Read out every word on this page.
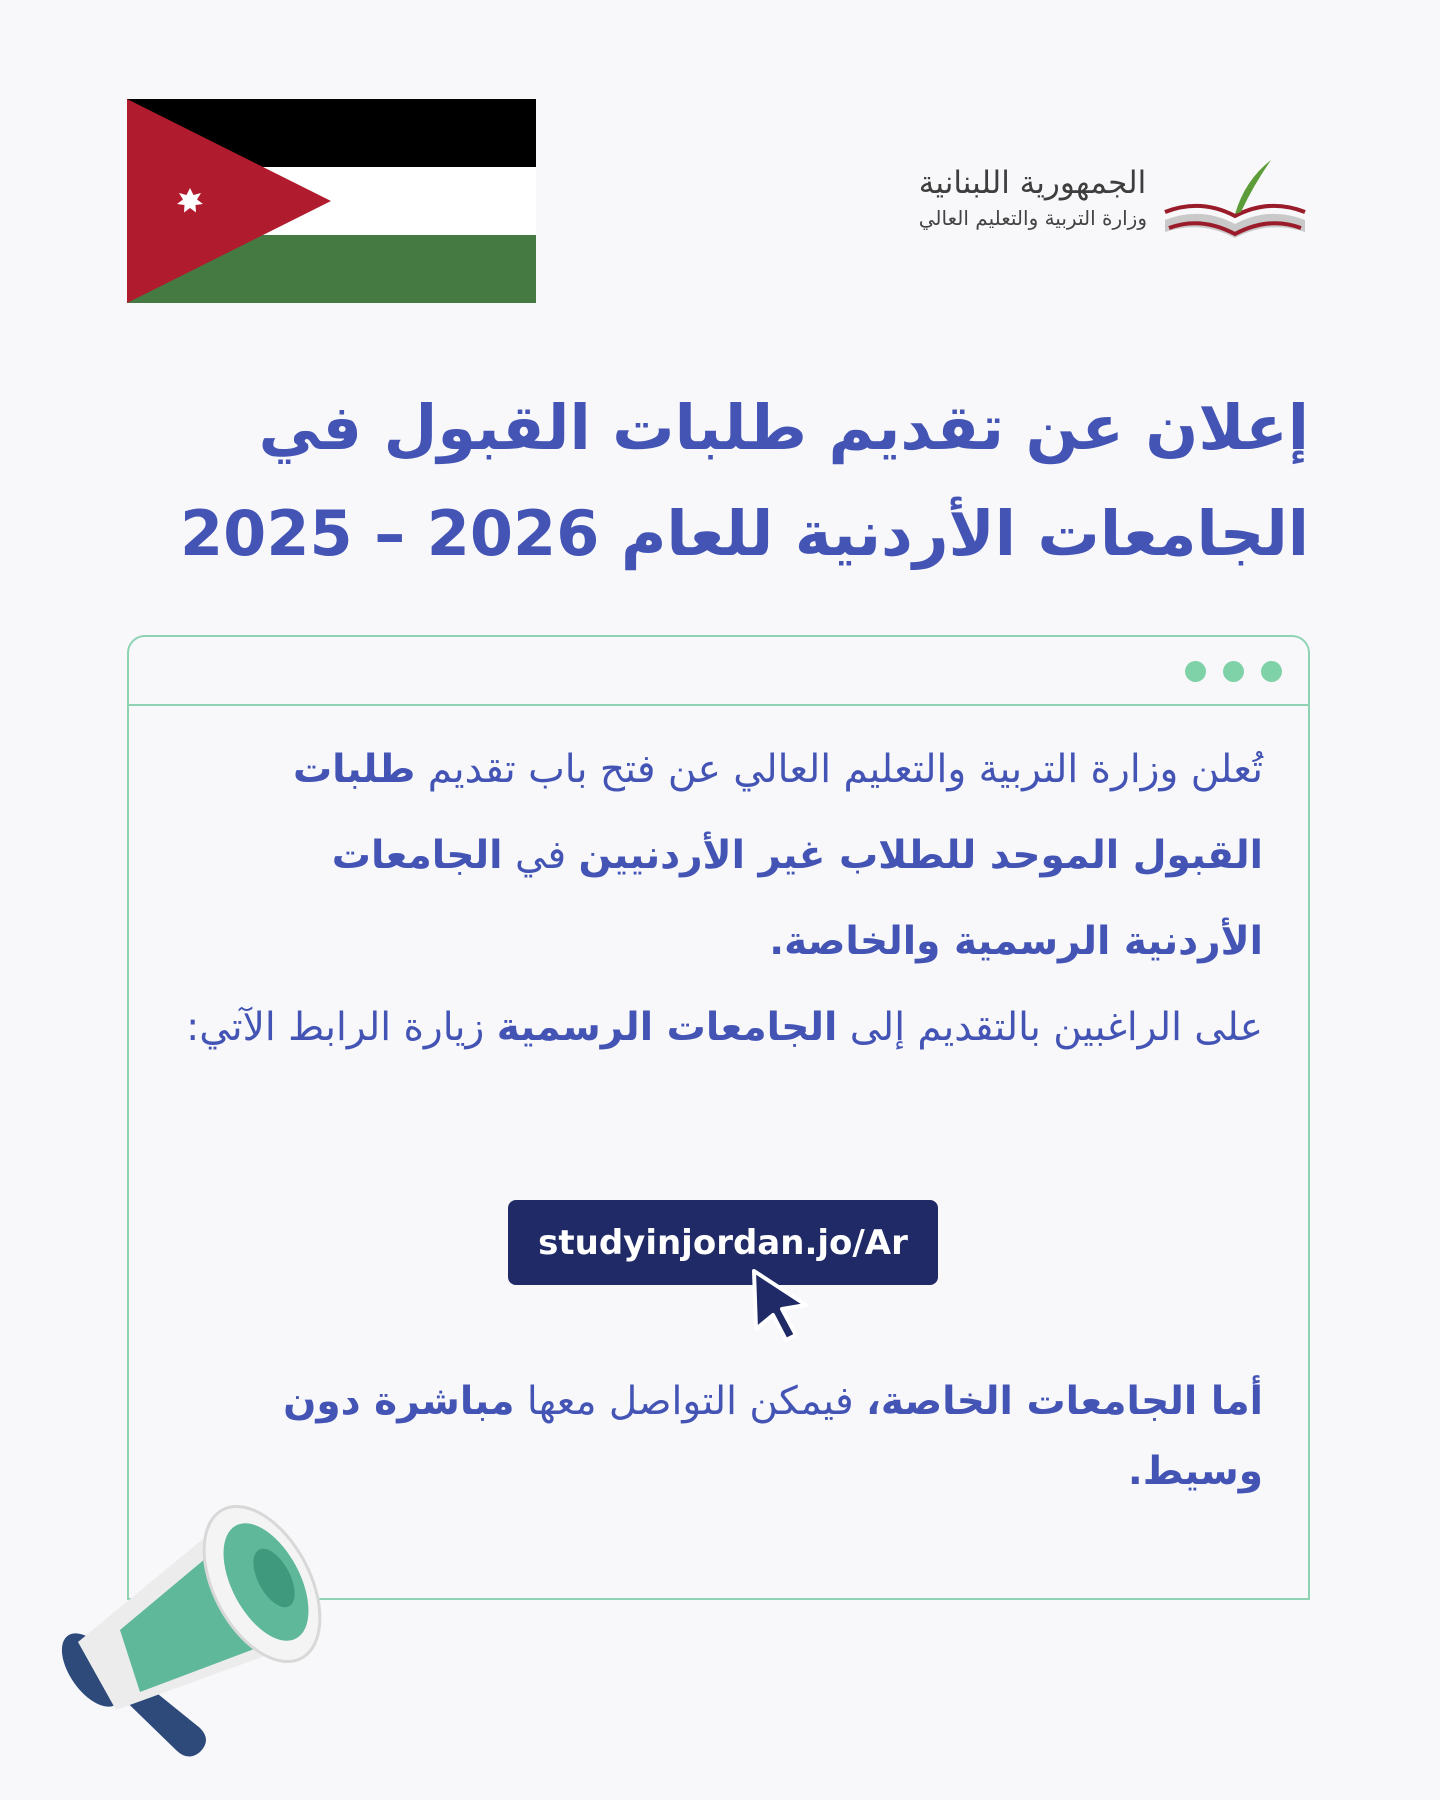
الجمهورية اللبنانية
وزارة التربية والتعليم العالي
إعلان عن تقديم طلبات القبول في
الجامعات الأردنية للعام 2025 – 2026

تُعلن وزارة التربية والتعليم العالي عن فتح باب تقديم طلبات القبول الموحد للطلاب غير الأردنيين في الجامعات الأردنية الرسمية والخاصة.

على الراغبين بالتقديم إلى الجامعات الرسمية زيارة الرابط الآتي:

studyinjordan.jo/Ar

أما الجامعات الخاصة، فيمكن التواصل معها مباشرة دون وسيط.
